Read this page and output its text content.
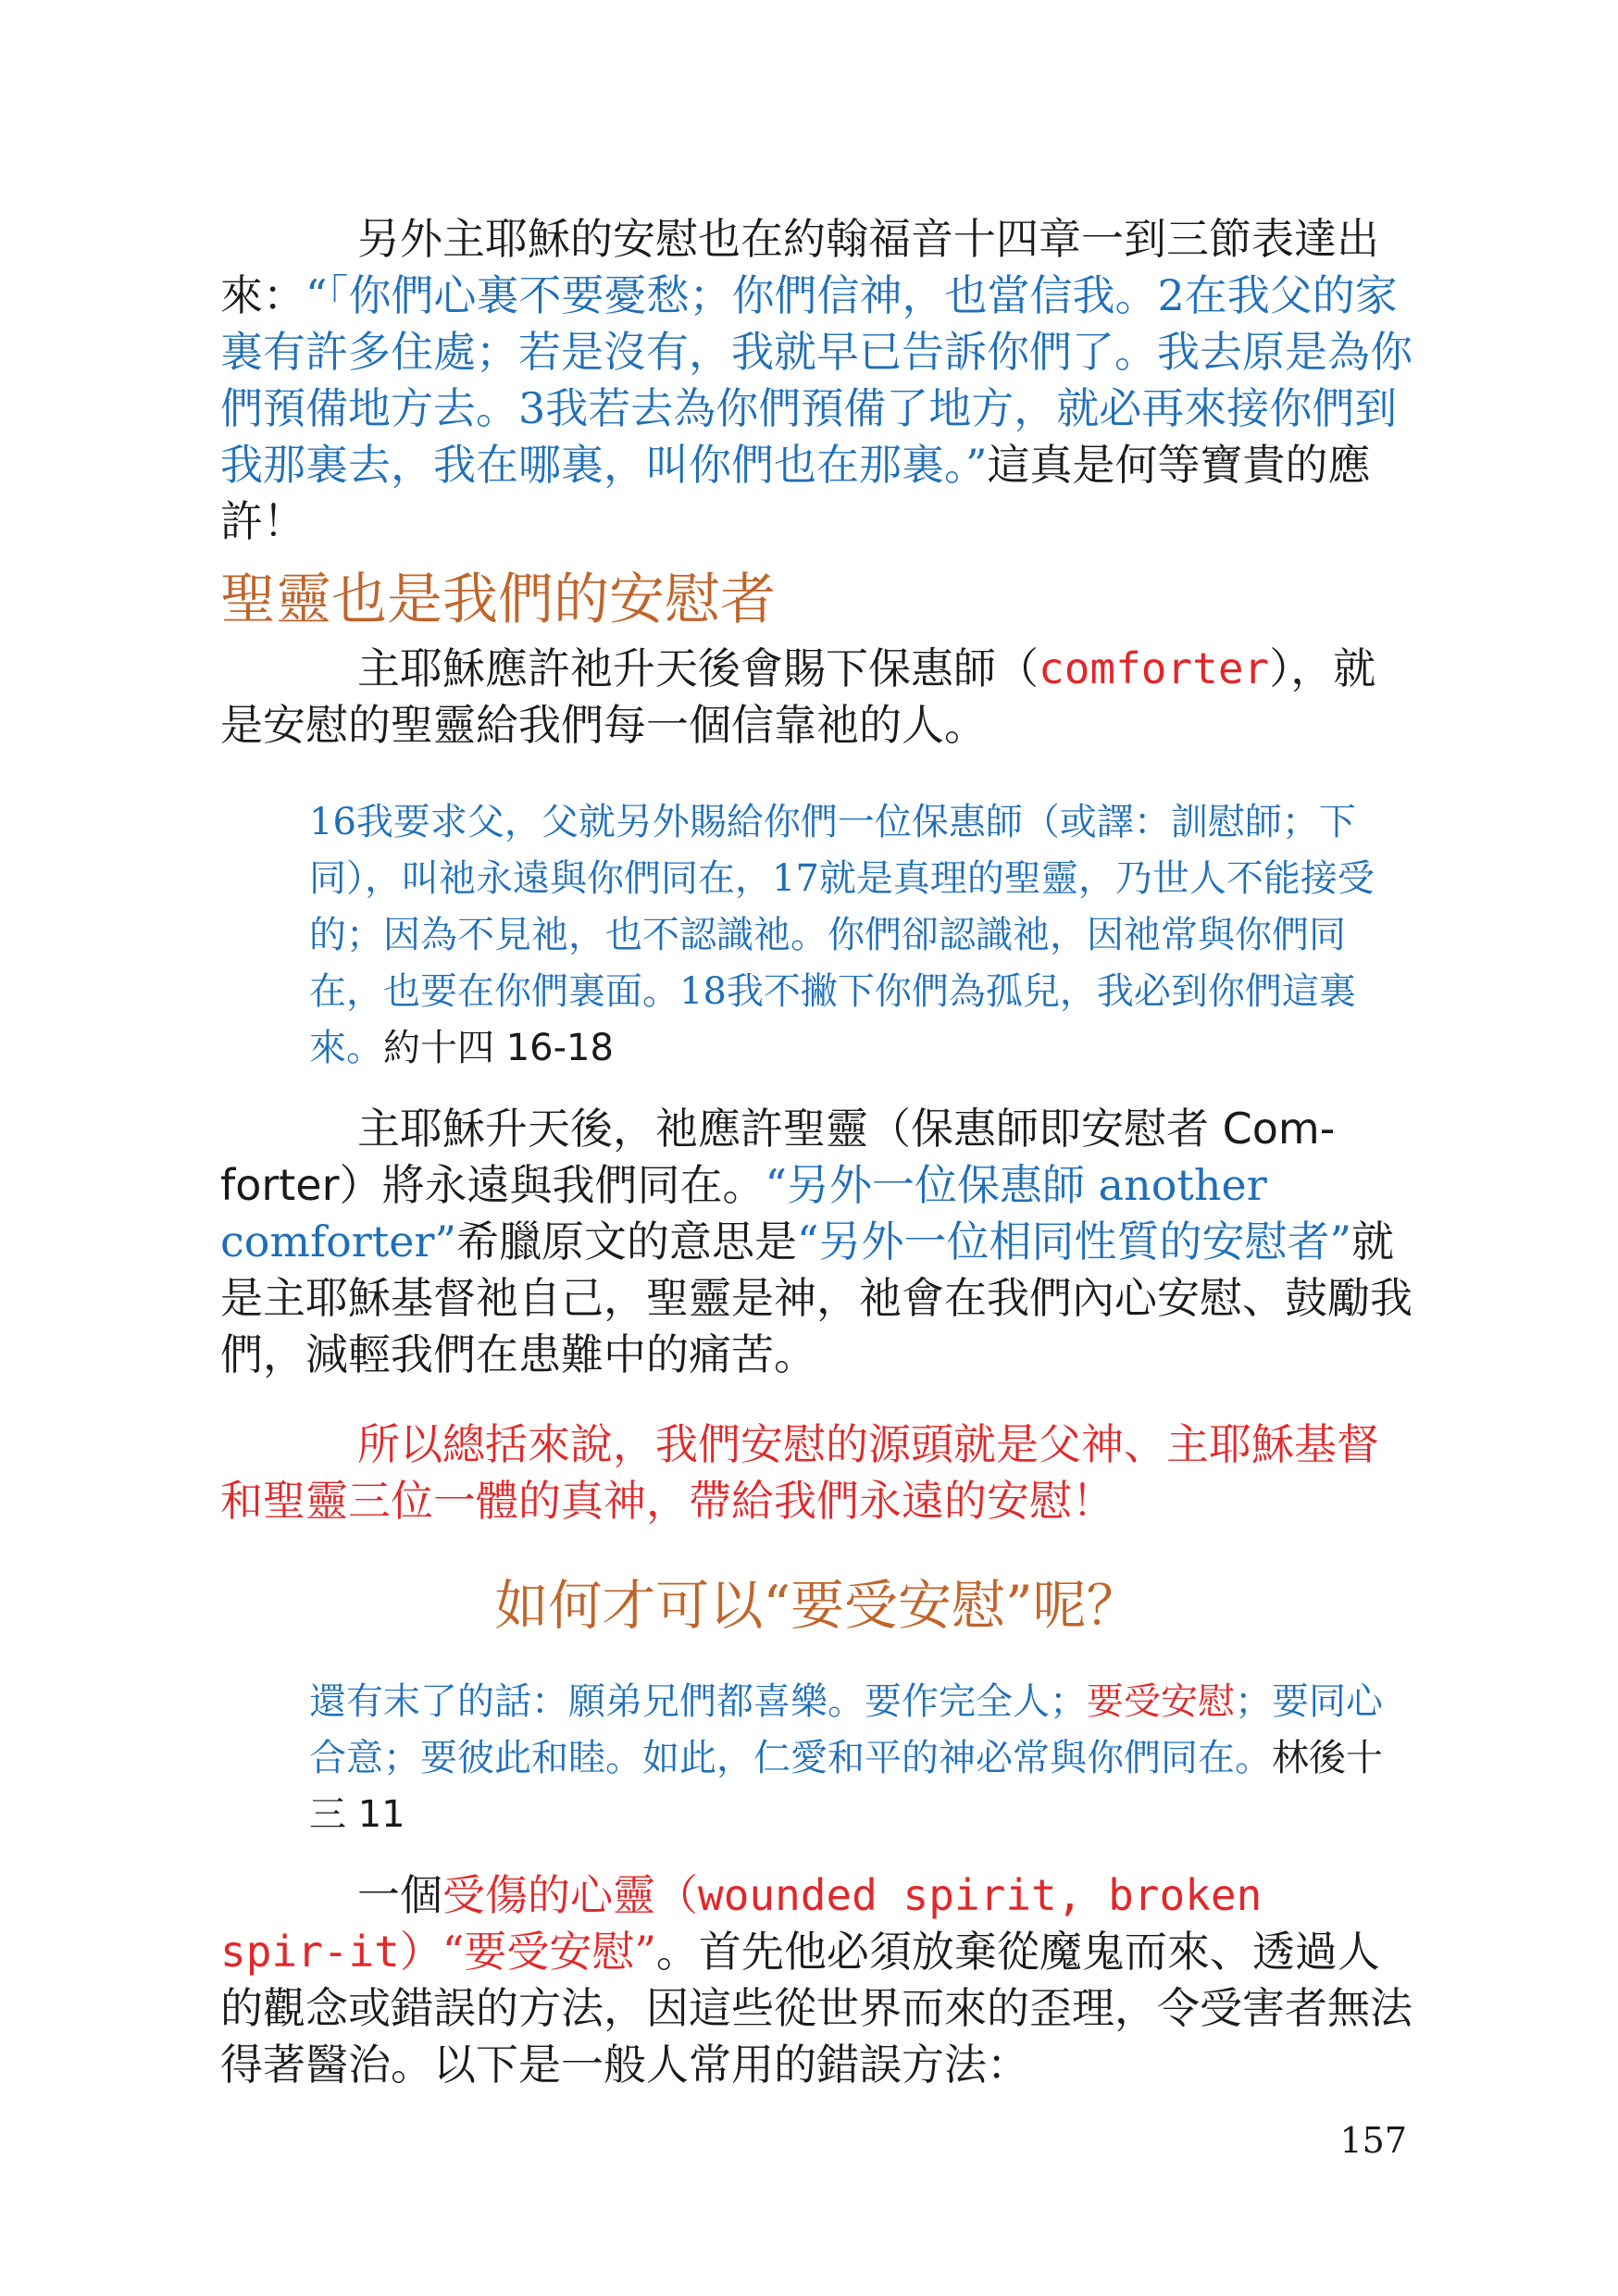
另外主耶穌的安慰也在約翰福音十四章一到三節表達出來：“「你們心裏不要憂愁；你們信神，也當信我。2在我父的家裏有許多住處；若是沒有，我就早已告訴你們了。我去原是為你們預備地方去。3我若去為你們預備了地方，就必再來接你們到我那裏去，我在哪裏，叫你們也在那裏。”這真是何等寶貴的應許！

聖靈也是我們的安慰者

主耶穌應許祂升天後會賜下保惠師（comforter），就是安慰的聖靈給我們每一個信靠祂的人。

16我要求父，父就另外賜給你們一位保惠師（或譯：訓慰師；下同），叫祂永遠與你們同在，17就是真理的聖靈，乃世人不能接受的；因為不見祂，也不認識祂。你們卻認識祂，因祂常與你們同在，也要在你們裏面。18我不撇下你們為孤兒，我必到你們這裏來。約十四 16-18

主耶穌升天後，祂應許聖靈（保惠師即安慰者 Com-forter）將永遠與我們同在。“另外一位保惠師 another comforter”希臘原文的意思是“另外一位相同性質的安慰者”就是主耶穌基督祂自己，聖靈是神，祂會在我們內心安慰、鼓勵我們，減輕我們在患難中的痛苦。

所以總括來說，我們安慰的源頭就是父神、主耶穌基督和聖靈三位一體的真神，帶給我們永遠的安慰！

如何才可以“要受安慰”呢？

還有末了的話：願弟兄們都喜樂。要作完全人；要受安慰；要同心合意；要彼此和睦。如此，仁愛和平的神必常與你們同在。林後十三 11

一個受傷的心靈（wounded spirit, broken spir-it）“要受安慰”。首先他必須放棄從魔鬼而來、透過人的觀念或錯誤的方法，因這些從世界而來的歪理，令受害者無法得著醫治。以下是一般人常用的錯誤方法：

157
